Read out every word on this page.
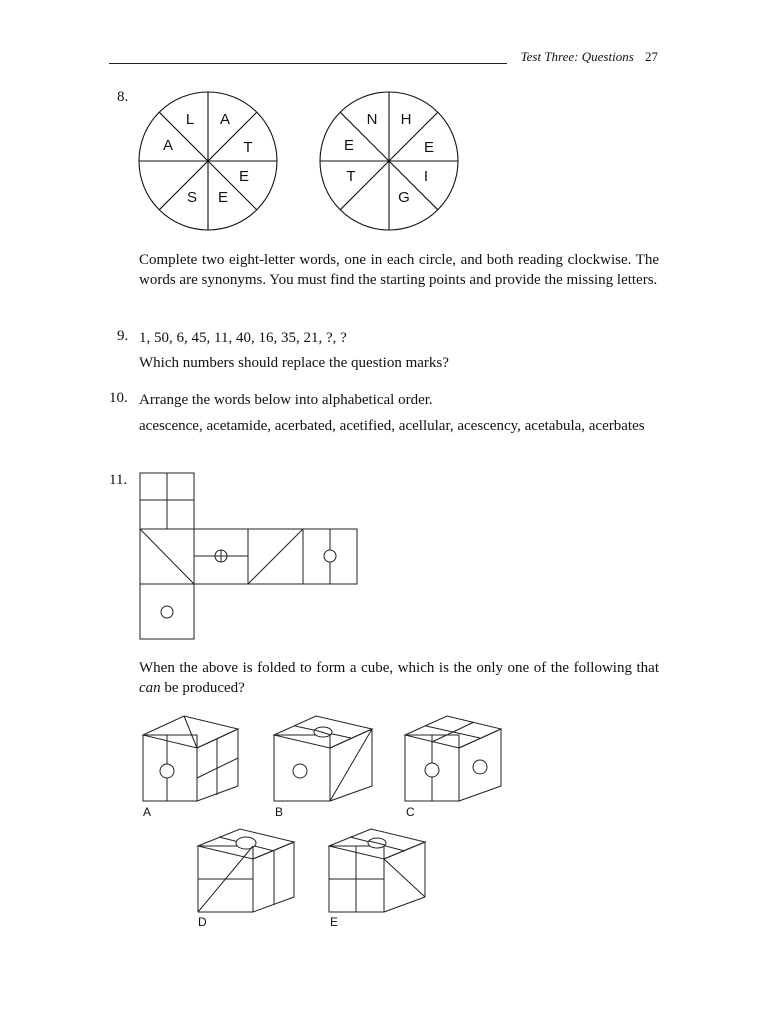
Test Three: Questions 27
8.
L A
T
E
E
S
A
N H
E
I
G
T
E
Complete two eight-letter words, one in each circle, and both reading clockwise. The words are synonyms. You must find the starting points and provide the missing letters.
9. 1, 50, 6, 45, 11, 40, 16, 35, 21, ?, ?
Which numbers should replace the question marks?
10. Arrange the words below into alphabetical order.
acescence, acetamide, acerbated, acetified, acellular, acescency, acetabula, acerbates
11.
When the above is folded to form a cube, which is the only one of the following that can be produced?
A	B	C
D	E
